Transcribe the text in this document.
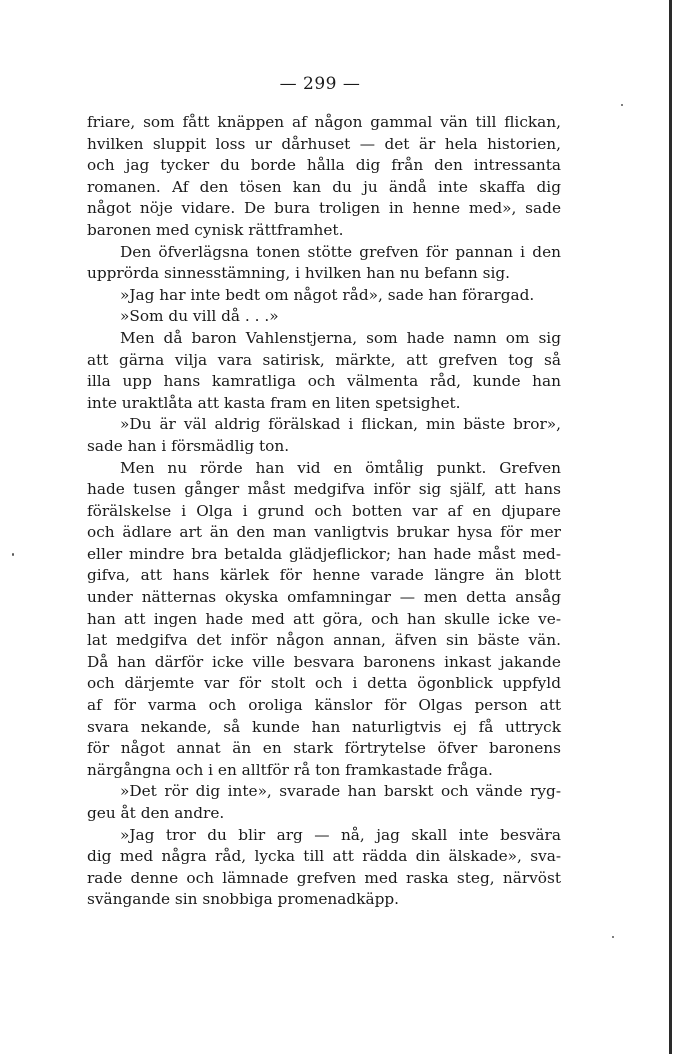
— 299 —
friare, som fått knäppen af någon gammal vän till flickan,
hvilken sluppit loss ur dårhuset — det är hela historien,
och jag tycker du borde hålla dig från den intressanta
romanen. Af den tösen kan du ju ändå inte skaffa dig
något nöje vidare. De bura troligen in henne med», sade
baronen med cynisk rättframhet.
Den öfverlägsna tonen stötte grefven för pannan i den
upprörda sinnesstämning, i hvilken han nu befann sig.
»Jag har inte bedt om något råd», sade han förargad.
»Som du vill då . . .»
Men då baron Vahlenstjerna, som hade namn om sig
att gärna vilja vara satirisk, märkte, att grefven tog så
illa upp hans kamratliga och välmenta råd, kunde han
inte uraktlåta att kasta fram en liten spetsighet.
»Du är väl aldrig förälskad i flickan, min bäste bror»,
sade han i försmädlig ton.
Men nu rörde han vid en ömtålig punkt. Grefven
hade tusen gånger måst medgifva inför sig själf, att hans
förälskelse i Olga i grund och botten var af en djupare
och ädlare art än den man vanligtvis brukar hysa för mer
eller mindre bra betalda glädjeflickor; han hade måst med-
gifva, att hans kärlek för henne varade längre än blott
under nätternas okyska omfamningar — men detta ansåg
han att ingen hade med att göra, och han skulle icke ve-
lat medgifva det inför någon annan, äfven sin bäste vän.
Då han därför icke ville besvara baronens inkast jakande
och därjemte var för stolt och i detta ögonblick uppfyld
af för varma och oroliga känslor för Olgas person att
svara nekande, så kunde han naturligtvis ej få uttryck
för något annat än en stark förtrytelse öfver baronens
närgångna och i en alltför rå ton framkastade fråga.
»Det rör dig inte», svarade han barskt och vände ryg-
geu åt den andre.
»Jag tror du blir arg — nå, jag skall inte besvära
dig med några råd, lycka till att rädda din älskade», sva-
rade denne och lämnade grefven med raska steg, närvöst
svängande sin snobbiga promenadkäpp.
